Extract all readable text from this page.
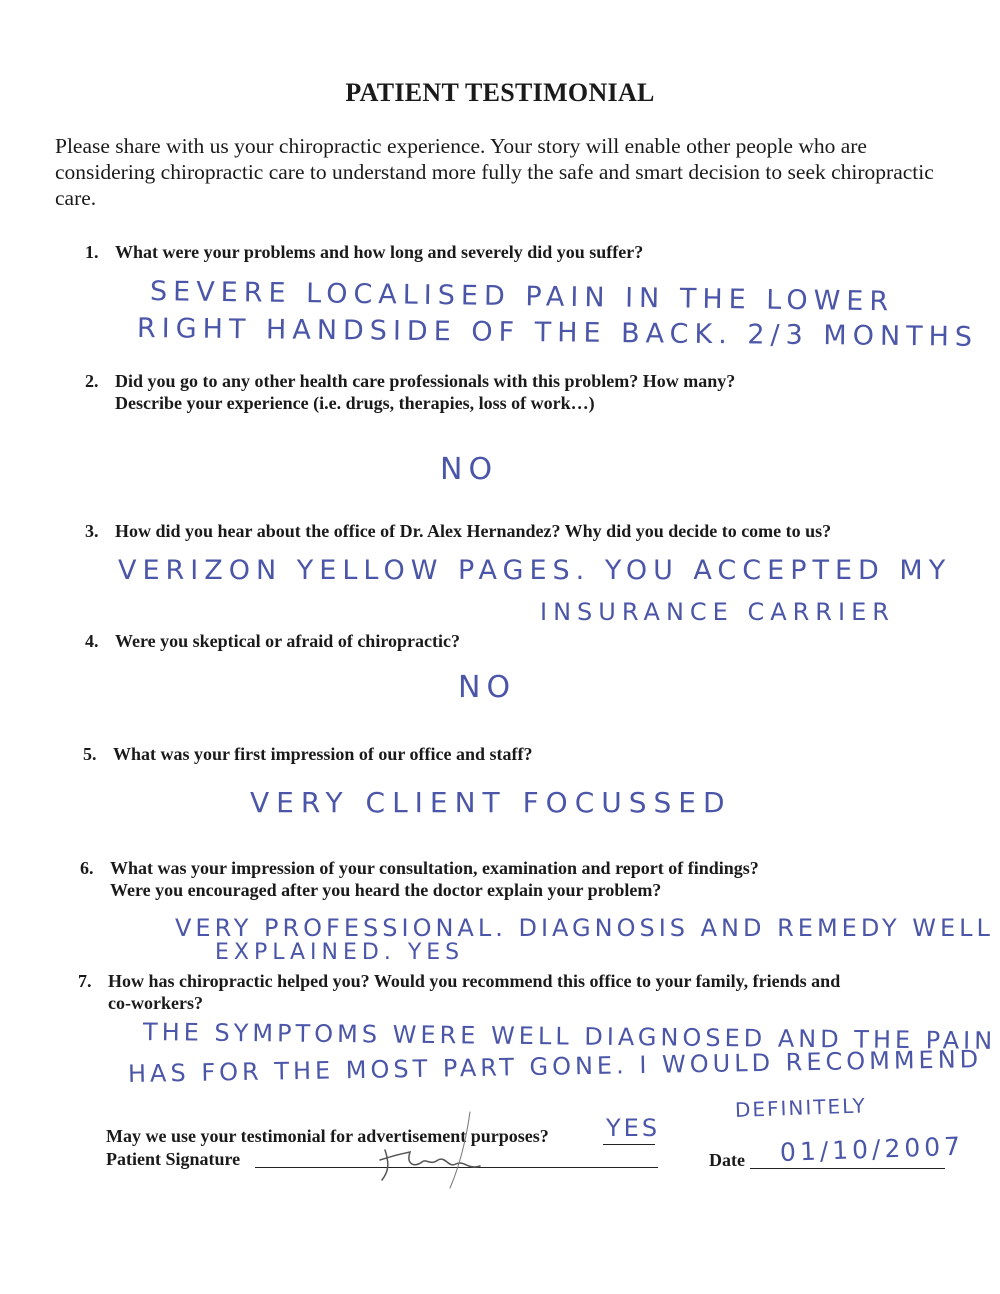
PATIENT TESTIMONIAL
Please share with us your chiropractic experience. Your story will enable other people who are considering chiropractic care to understand more fully the safe and smart decision to seek chiropractic care.
1. What were your problems and how long and severely did you suffer?
SEVERE LOCALISED PAIN IN THE LOWER
RIGHT HANDSIDE OF THE BACK. 2/3 MONTHS
2. Did you go to any other health care professionals with this problem? How many?
Describe your experience (i.e. drugs, therapies, loss of work…)
NO
3. How did you hear about the office of Dr. Alex Hernandez? Why did you decide to come to us?
VERIZON YELLOW PAGES. YOU ACCEPTED MY
INSURANCE CARRIER
4. Were you skeptical or afraid of chiropractic?
NO
5. What was your first impression of our office and staff?
VERY CLIENT FOCUSSED
6. What was your impression of your consultation, examination and report of findings?
Were you encouraged after you heard the doctor explain your problem?
VERY PROFESSIONAL. DIAGNOSIS AND REMEDY WELL
EXPLAINED. YES
7. How has chiropractic helped you? Would you recommend this office to your family, friends and
co-workers?
THE SYMPTOMS WERE WELL DIAGNOSED AND THE PAIN
HAS FOR THE MOST PART GONE. I WOULD RECOMMEND
DEFINITELY
May we use your testimonial for advertisement purposes? YES
Patient Signature	Date 01/10/2007
